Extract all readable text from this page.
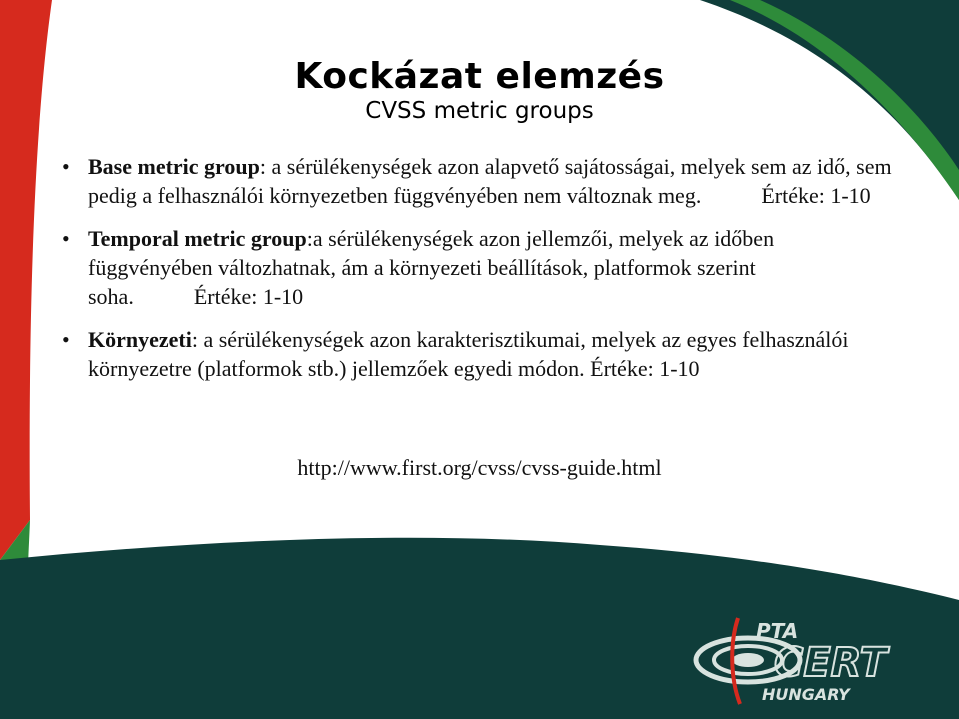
Kockázat elemzés
CVSS metric groups
• Base metric group: a sérülékenységek azon alapvető sajátosságai, melyek sem az idő, sem pedig a felhasználói környezetben függvényében nem változnak meg.	Értéke: 1-10
• Temporal metric group:a sérülékenységek azon jellemzői, melyek az időben függvényében változhatnak, ám a környezeti beállítások, platformok szerint soha.	Értéke: 1-10
• Környezeti: a sérülékenységek azon karakterisztikumai, melyek az egyes felhasználói környezetre (platformok stb.) jellemzőek egyedi módon. Értéke: 1-10
http://www.first.org/cvss/cvss-guide.html
PTA
CERT
HUNGARY
